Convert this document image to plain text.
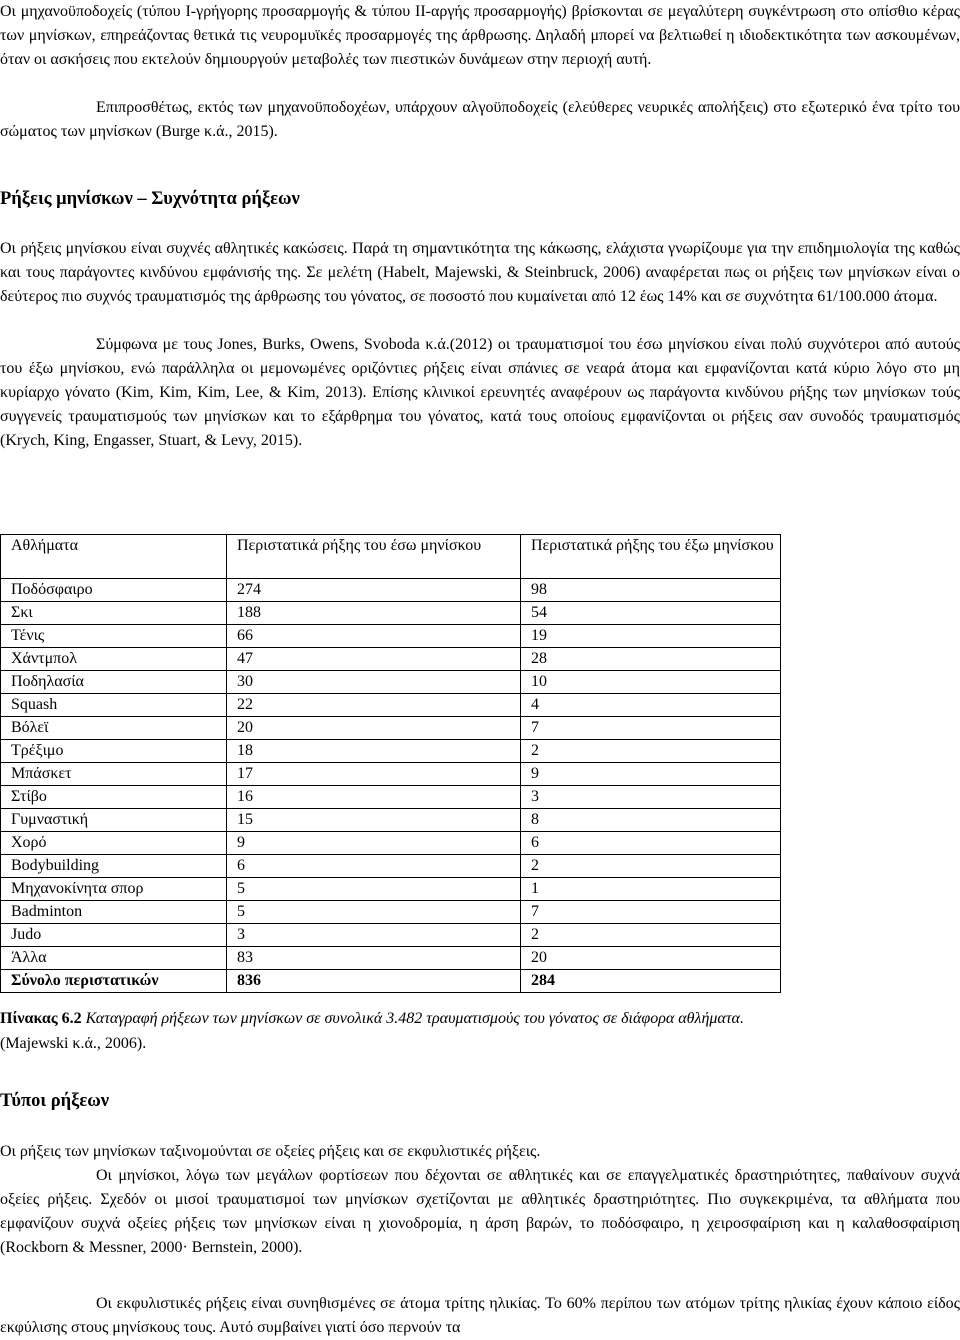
Οι μηχανοϋποδοχείς (τύπου Ι-γρήγορης προσαρμογής & τύπου ΙΙ-αργής προσαρμογής) βρίσκονται σε μεγαλύτερη συγκέντρωση στο οπίσθιο κέρας των μηνίσκων, επηρεάζοντας θετικά τις νευρομυϊκές προσαρμογές της άρθρωσης. Δηλαδή μπορεί να βελτιωθεί η ιδιοδεκτικότητα των ασκουμένων, όταν οι ασκήσεις που εκτελούν δημιουργούν μεταβολές των πιεστικών δυνάμεων στην περιοχή αυτή.

Επιπροσθέτως, εκτός των μηχανοϋποδοχέων, υπάρχουν αλγοϋποδοχείς (ελεύθερες νευρικές απολήξεις) στο εξωτερικό ένα τρίτο του σώματος των μηνίσκων (Burge κ.ά., 2015).

Ρήξεις μηνίσκων – Συχνότητα ρήξεων

Οι ρήξεις μηνίσκου είναι συχνές αθλητικές κακώσεις. Παρά τη σημαντικότητα της κάκωσης, ελάχιστα γνωρίζουμε για την επιδημιολογία της καθώς και τους παράγοντες κινδύνου εμφάνισής της. Σε μελέτη (Habelt, Majewski, & Steinbruck, 2006) αναφέρεται πως οι ρήξεις των μηνίσκων είναι ο δεύτερος πιο συχνός τραυματισμός της άρθρωσης του γόνατος, σε ποσοστό που κυμαίνεται από 12 έως 14% και σε συχνότητα 61/100.000 άτομα.

Σύμφωνα με τους Jones, Burks, Owens, Svoboda κ.ά.(2012) οι τραυματισμοί του έσω μηνίσκου είναι πολύ συχνότεροι από αυτούς του έξω μηνίσκου, ενώ παράλληλα οι μεμονωμένες οριζόντιες ρήξεις είναι σπάνιες σε νεαρά άτομα και εμφανίζονται κατά κύριο λόγο στο μη κυρίαρχο γόνατο (Kim, Kim, Kim, Lee, & Kim, 2013). Επίσης κλινικοί ερευνητές αναφέρουν ως παράγοντα κινδύνου ρήξης των μηνίσκων τούς συγγενείς τραυματισμούς των μηνίσκων και το εξάρθρημα του γόνατος, κατά τους οποίους εμφανίζονται οι ρήξεις σαν συνοδός τραυματισμός (Krych, King, Engasser, Stuart, & Levy, 2015).

Αθλήματα	Περιστατικά ρήξης του έσω μηνίσκου	Περιστατικά ρήξης του έξω μηνίσκου
Ποδόσφαιρο	274	98
Σκι	188	54
Τένις	66	19
Χάντμπολ	47	28
Ποδηλασία	30	10
Squash	22	4
Βόλεϊ	20	7
Τρέξιμο	18	2
Μπάσκετ	17	9
Στίβο	16	3
Γυμναστική	15	8
Χορό	9	6
Bodybuilding	6	2
Μηχανοκίνητα σπορ	5	1
Badminton	5	7
Judo	3	2
Άλλα	83	20
Σύνολο περιστατικών	836	284
Πίνακας 6.2 Καταγραφή ρήξεων των μηνίσκων σε συνολικά 3.482 τραυματισμούς του γόνατος σε διάφορα αθλήματα.
(Majewski κ.ά., 2006).

Τύποι ρήξεων

Οι ρήξεις των μηνίσκων ταξινομούνται σε οξείες ρήξεις και σε εκφυλιστικές ρήξεις.

Οι μηνίσκοι, λόγω των μεγάλων φορτίσεων που δέχονται σε αθλητικές και σε επαγγελματικές δραστηριότητες, παθαίνουν συχνά οξείες ρήξεις. Σχεδόν οι μισοί τραυματισμοί των μηνίσκων σχετίζονται με αθλητικές δραστηριότητες. Πιο συγκεκριμένα, τα αθλήματα που εμφανίζουν συχνά οξείες ρήξεις των μηνίσκων είναι η χιονοδρομία, η άρση βαρών, το ποδόσφαιρο, η χειροσφαίριση και η καλαθοσφαίριση (Rockborn & Messner, 2000· Bernstein, 2000).

Οι εκφυλιστικές ρήξεις είναι συνηθισμένες σε άτομα τρίτης ηλικίας. Το 60% περίπου των ατόμων τρίτης ηλικίας έχουν κάποιο είδος εκφύλισης στους μηνίσκους τους. Αυτό συμβαίνει γιατί όσο περνούν τα
